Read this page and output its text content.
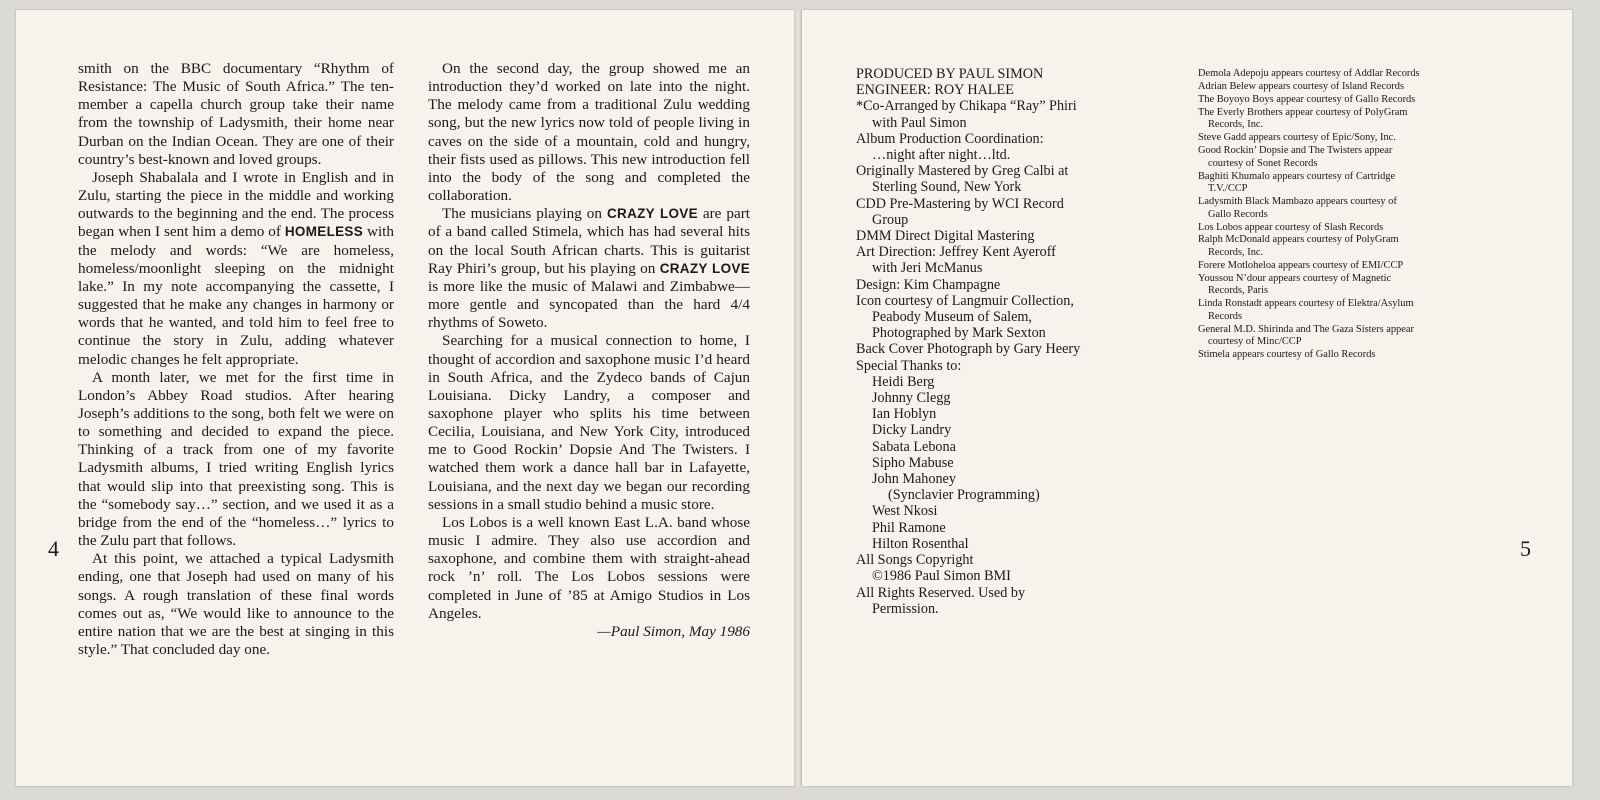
smith on the BBC documentary “Rhythm of Resistance: The Music of South Africa.” The ten-member a capella church group take their name from the township of Ladysmith, their home near Durban on the Indian Ocean. They are one of their country’s best-known and loved groups.

Joseph Shabalala and I wrote in English and in Zulu, starting the piece in the middle and working outwards to the beginning and the end. The process began when I sent him a demo of HOMELESS with the melody and words: “We are homeless, homeless/moonlight sleeping on the midnight lake.” In my note accompanying the cassette, I suggested that he make any changes in harmony or words that he wanted, and told him to feel free to continue the story in Zulu, adding whatever melodic changes he felt appropriate.

A month later, we met for the first time in London’s Abbey Road studios. After hearing Joseph’s additions to the song, both felt we were on to something and decided to expand the piece. Thinking of a track from one of my favorite Ladysmith albums, I tried writing English lyrics that would slip into that preexisting song. This is the “somebody say…” section, and we used it as a bridge from the end of the “homeless…” lyrics to the Zulu part that follows.

At this point, we attached a typical Ladysmith ending, one that Joseph had used on many of his songs. A rough translation of these final words comes out as, “We would like to announce to the entire nation that we are the best at singing in this style.” That concluded day one.

On the second day, the group showed me an introduction they’d worked on late into the night. The melody came from a traditional Zulu wedding song, but the new lyrics now told of people living in caves on the side of a mountain, cold and hungry, their fists used as pillows. This new introduction fell into the body of the song and completed the collaboration.

The musicians playing on CRAZY LOVE are part of a band called Stimela, which has had several hits on the local South African charts. This is guitarist Ray Phiri’s group, but his playing on CRAZY LOVE is more like the music of Malawi and Zimbabwe—more gentle and syncopated than the hard 4/4 rhythms of Soweto.

Searching for a musical connection to home, I thought of accordion and saxophone music I’d heard in South Africa, and the Zydeco bands of Cajun Louisiana. Dicky Landry, a composer and saxophone player who splits his time between Cecilia, Louisiana, and New York City, introduced me to Good Rockin’ Dopsie And The Twisters. I watched them work a dance hall bar in Lafayette, Louisiana, and the next day we began our recording sessions in a small studio behind a music store.

Los Lobos is a well known East L.A. band whose music I admire. They also use accordion and saxophone, and combine them with straight-ahead rock ’n’ roll. The Los Lobos sessions were completed in June of ’85 at Amigo Studios in Los Angeles.

—Paul Simon, May 1986

4
PRODUCED BY PAUL SIMON
ENGINEER: ROY HALEE
*Co-Arranged by Chikapa “Ray” Phiri
with Paul Simon
Album Production Coordination:
…night after night…ltd.
Originally Mastered by Greg Calbi at
Sterling Sound, New York
CDD Pre-Mastering by WCI Record
Group
DMM Direct Digital Mastering
Art Direction: Jeffrey Kent Ayeroff
with Jeri McManus
Design: Kim Champagne
Icon courtesy of Langmuir Collection,
Peabody Museum of Salem,
Photographed by Mark Sexton
Back Cover Photograph by Gary Heery
Special Thanks to:
Heidi Berg
Johnny Clegg
Ian Hoblyn
Dicky Landry
Sabata Lebona
Sipho Mabuse
John Mahoney
(Synclavier Programming)
West Nkosi
Phil Ramone
Hilton Rosenthal
All Songs Copyright
©1986 Paul Simon BMI
All Rights Reserved. Used by
Permission.
Demola Adepoju appears courtesy of Addlar Records
Adrian Belew appears courtesy of Island Records
The Boyoyo Boys appear courtesy of Gallo Records
The Everly Brothers appear courtesy of PolyGram
Records, Inc.
Steve Gadd appears courtesy of Epic/Sony, Inc.
Good Rockin’ Dopsie and The Twisters appear
courtesy of Sonet Records
Baghiti Khumalo appears courtesy of Cartridge
T.V./CCP
Ladysmith Black Mambazo appears courtesy of
Gallo Records
Los Lobos appear courtesy of Slash Records
Ralph McDonald appears courtesy of PolyGram
Records, Inc.
Forere Motloheloa appears courtesy of EMI/CCP
Youssou N’dour appears courtesy of Magnetic
Records, Paris
Linda Ronstadt appears courtesy of Elektra/Asylum
Records
General M.D. Shirinda and The Gaza Sisters appear
courtesy of Minc/CCP
Stimela appears courtesy of Gallo Records
5
